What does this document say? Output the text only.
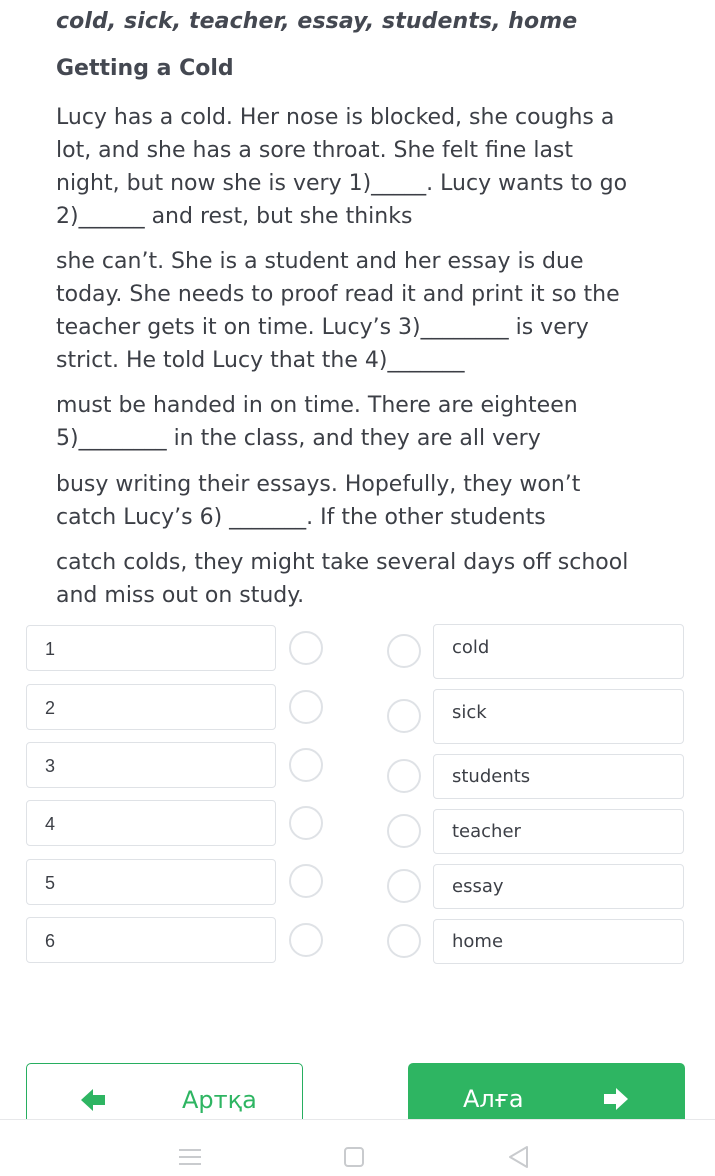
cold, sick, teacher, essay, students, home
Getting a Cold
Lucy has a cold. Her nose is blocked, she coughs a
lot, and she has a sore throat. She felt fine last
night, but now she is very 1)_____. Lucy wants to go
2)______ and rest, but she thinks
she can’t. She is a student and her essay is due
today. She needs to proof read it and print it so the
teacher gets it on time. Lucy’s 3)________ is very
strict. He told Lucy that the 4)_______
must be handed in on time. There are eighteen
5)________ in the class, and they are all very
busy writing their essays. Hopefully, they won’t
catch Lucy’s 6) _______. If the other students
catch colds, they might take several days off school
and miss out on study.
1
2
3
4
5
6
cold
sick
students
teacher
essay
home
Артқа	Алға
